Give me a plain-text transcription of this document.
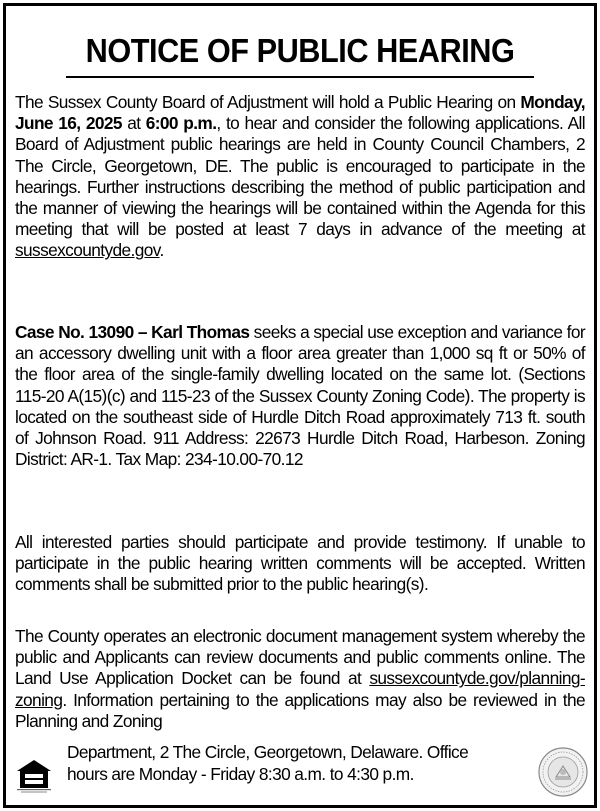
NOTICE OF PUBLIC HEARING
The Sussex County Board of Adjustment will hold a Public Hearing on Monday, June 16, 2025 at 6:00 p.m., to hear and consider the following applications. All Board of Adjustment public hearings are held in County Council Chambers, 2 The Circle, Georgetown, DE. The public is encouraged to participate in the hearings. Further instructions describing the method of public participation and the manner of viewing the hearings will be contained within the Agenda for this meeting that will be posted at least 7 days in advance of the meeting at sussexcountyde.gov.
Case No. 13090 – Karl Thomas seeks a special use exception and variance for an accessory dwelling unit with a floor area greater than 1,000 sq ft or 50% of the floor area of the single-family dwelling located on the same lot. (Sections 115-20 A(15)(c) and 115-23 of the Sussex County Zoning Code). The property is located on the southeast side of Hurdle Ditch Road approximately 713 ft. south of Johnson Road. 911 Address: 22673 Hurdle Ditch Road, Harbeson. Zoning District: AR-1. Tax Map: 234-10.00-70.12
All interested parties should participate and provide testimony. If unable to participate in the public hearing written comments will be accepted. Written comments shall be submitted prior to the public hearing(s).
The County operates an electronic document management system whereby the public and Applicants can review documents and public comments online. The Land Use Application Docket can be found at sussexcountyde.gov/planning-zoning. Information pertaining to the applications may also be reviewed in the Planning and Zoning
Department, 2 The Circle, Georgetown, Delaware. Office
hours are Monday - Friday 8:30 a.m. to 4:30 p.m.
